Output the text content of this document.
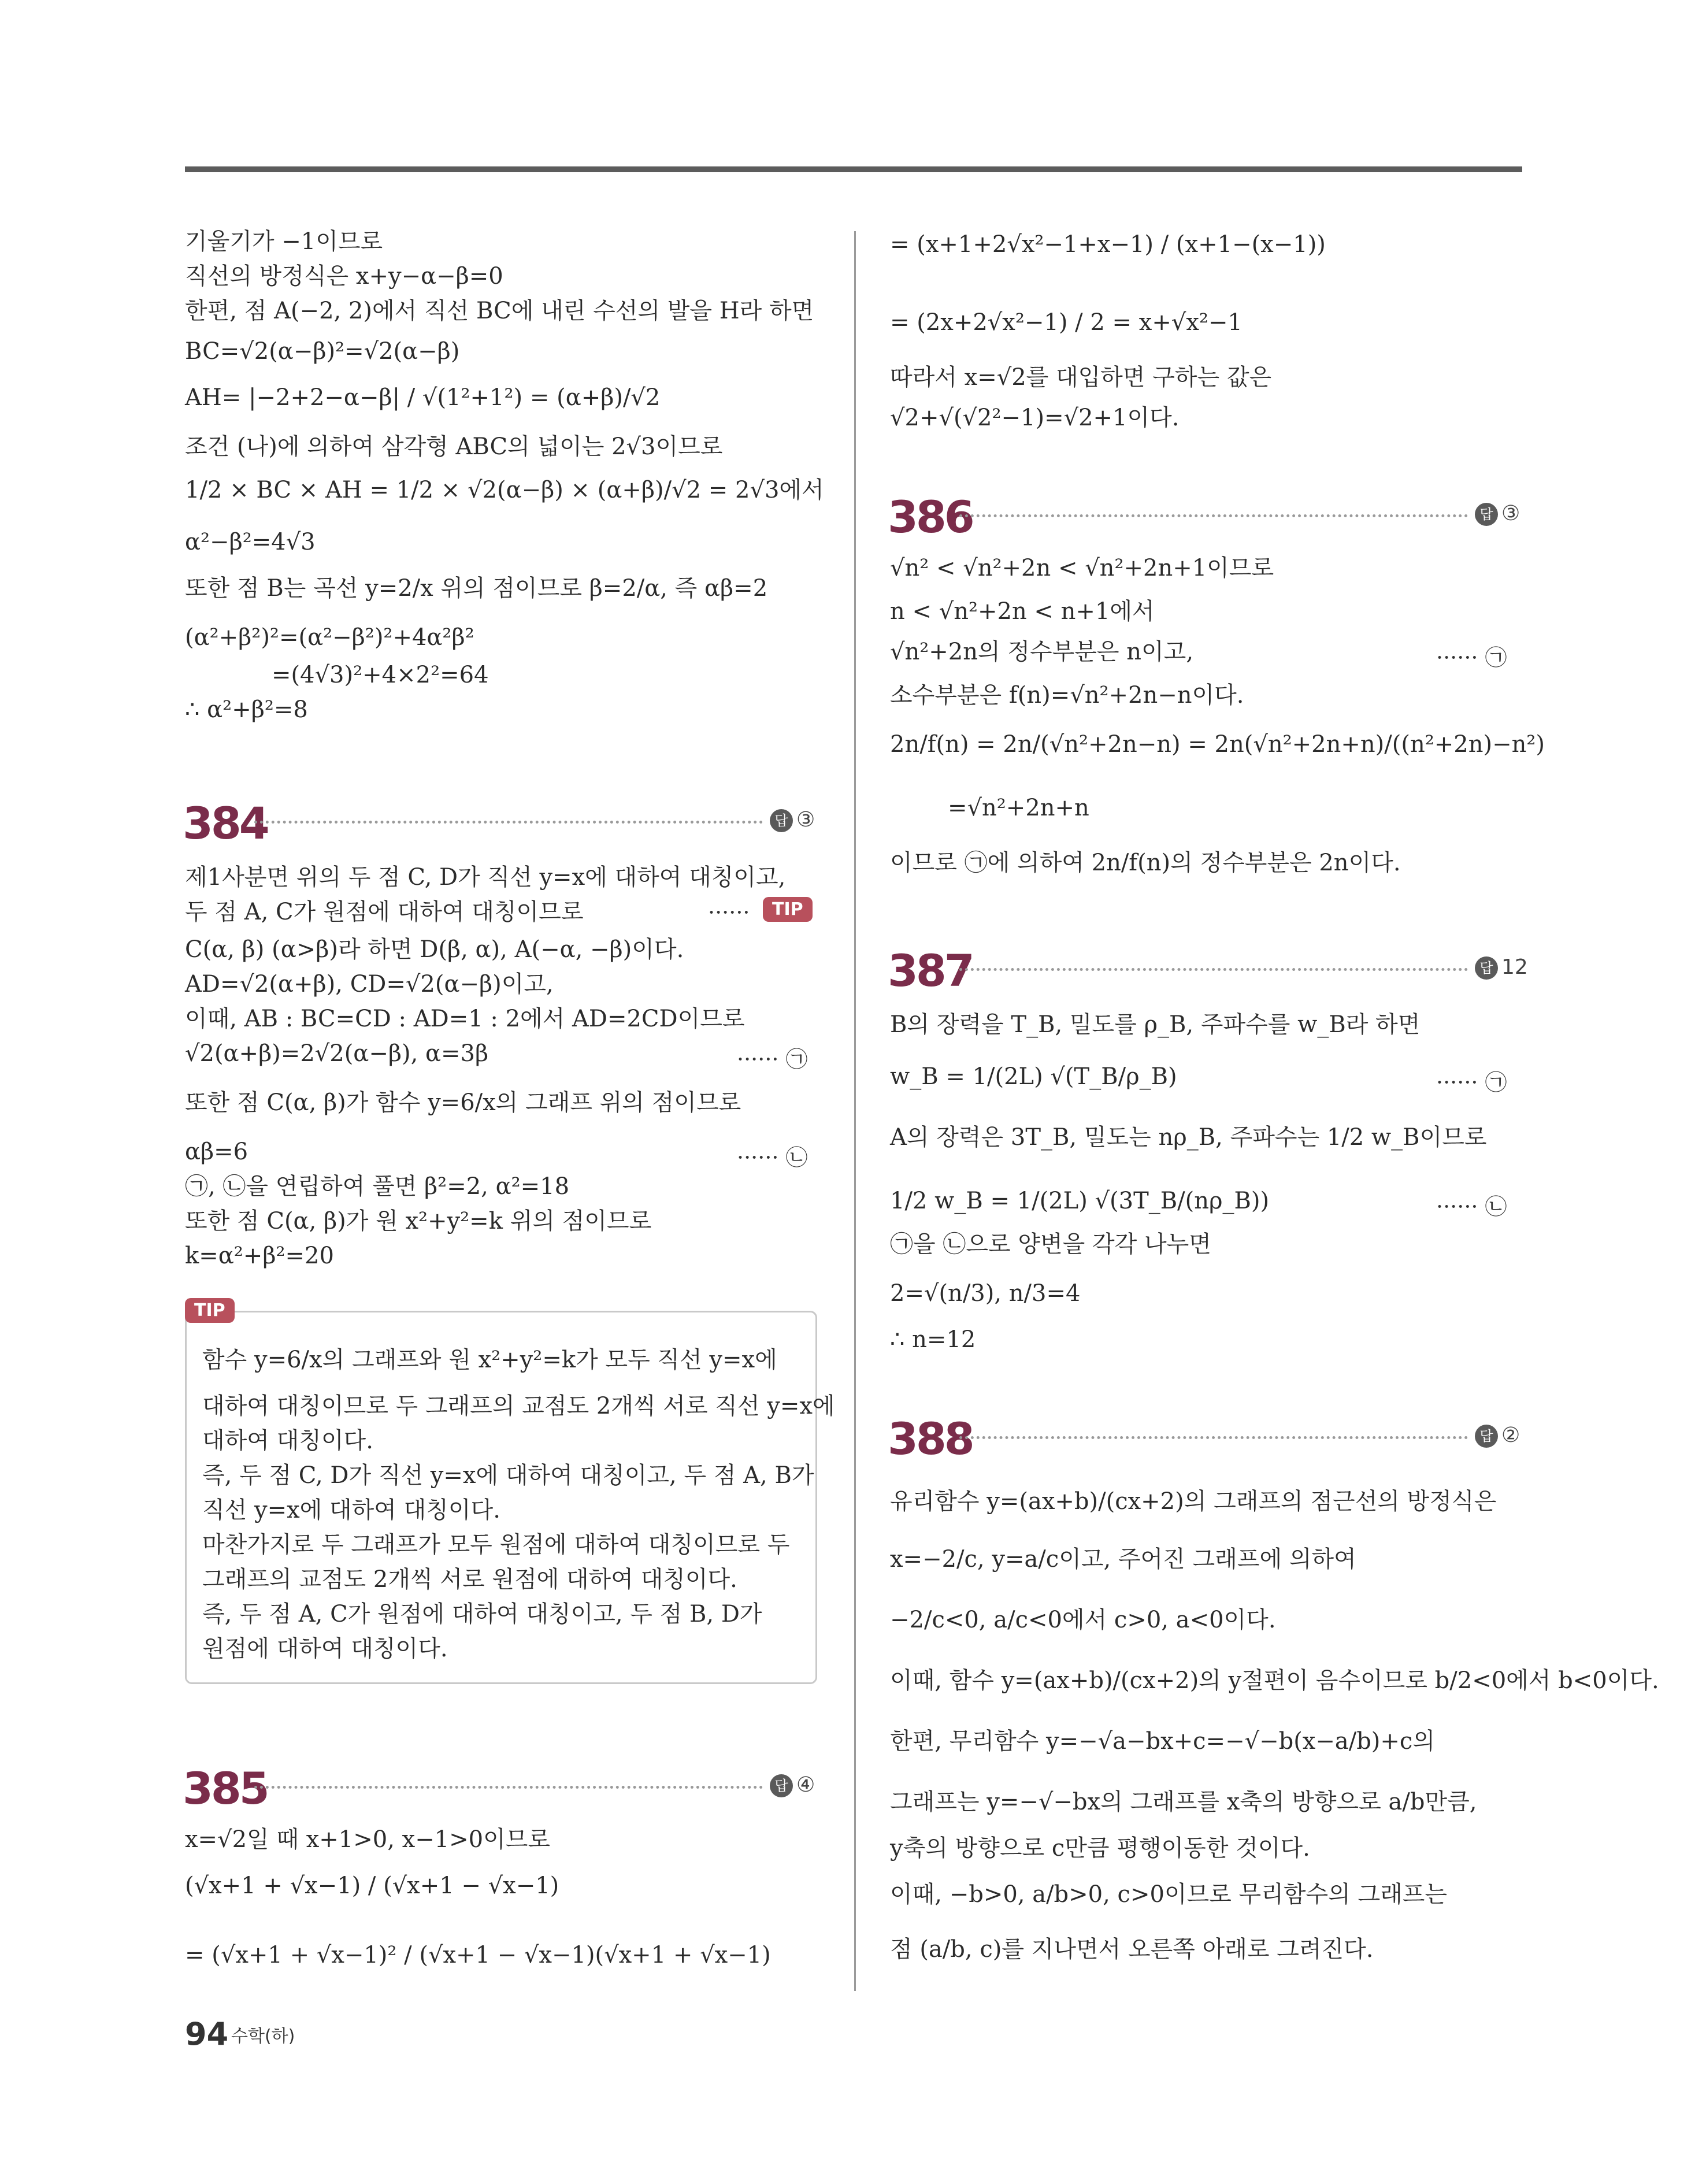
기울기가 −1이므로
직선의 방정식은 x+y−α−β=0
한편, 점 A(−2, 2)에서 직선 BC에 내린 수선의 발을 H라 하면
BC=√2(α−β)²=√2(α−β)
AH= |−2+2−α−β| / √(1²+1²) = (α+β)/√2
조건 (나)에 의하여 삼각형 ABC의 넓이는 2√3이므로
1/2 × BC × AH = 1/2 × √2(α−β) × (α+β)/√2 = 2√3에서
α²−β²=4√3
또한 점 B는 곡선 y=2/x 위의 점이므로 β=2/α, 즉 αβ=2
(α²+β²)²=(α²−β²)²+4α²β²
=(4√3)²+4×2²=64
∴ α²+β²=8
384	답 ③
제1사분면 위의 두 점 C, D가 직선 y=x에 대하여 대칭이고,
두 점 A, C가 원점에 대하여 대칭이므로	······	TIP
C(α, β) (α>β)라 하면 D(β, α), A(−α, −β)이다.
AD=√2(α+β), CD=√2(α−β)이고,
이때, AB : BC=CD : AD=1 : 2에서 AD=2CD이므로
√2(α+β)=2√2(α−β), α=3β	······ ㉠
또한 점 C(α, β)가 함수 y=6/x의 그래프 위의 점이므로
αβ=6	······ ㉡
㉠, ㉡을 연립하여 풀면 β²=2, α²=18
또한 점 C(α, β)가 원 x²+y²=k 위의 점이므로
k=α²+β²=20
TIP
함수 y=6/x의 그래프와 원 x²+y²=k가 모두 직선 y=x에
대하여 대칭이므로 두 그래프의 교점도 2개씩 서로 직선 y=x에
대하여 대칭이다.
즉, 두 점 C, D가 직선 y=x에 대하여 대칭이고, 두 점 A, B가
직선 y=x에 대하여 대칭이다.
마찬가지로 두 그래프가 모두 원점에 대하여 대칭이므로 두
그래프의 교점도 2개씩 서로 원점에 대하여 대칭이다.
즉, 두 점 A, C가 원점에 대하여 대칭이고, 두 점 B, D가
원점에 대하여 대칭이다.
385	답 ④
x=√2일 때 x+1>0, x−1>0이므로
(√x+1 + √x−1) / (√x+1 − √x−1)
= (√x+1 + √x−1)² / (√x+1 − √x−1)(√x+1 + √x−1)
= (x+1+2√x²−1+x−1) / (x+1−(x−1))
= (2x+2√x²−1) / 2 = x+√x²−1
따라서 x=√2를 대입하면 구하는 값은
√2+√(√2²−1)=√2+1이다.
386	답 ③
√n² < √n²+2n < √n²+2n+1이므로
n < √n²+2n < n+1에서
√n²+2n의 정수부분은 n이고,	······ ㉠
소수부분은 f(n)=√n²+2n−n이다.
2n/f(n) = 2n/(√n²+2n−n) = 2n(√n²+2n+n)/((n²+2n)−n²)
=√n²+2n+n
이므로 ㉠에 의하여 2n/f(n)의 정수부분은 2n이다.
387	답 12
B의 장력을 T_B, 밀도를 ρ_B, 주파수를 w_B라 하면
w_B = 1/(2L) √(T_B/ρ_B)	······ ㉠
A의 장력은 3T_B, 밀도는 nρ_B, 주파수는 1/2 w_B이므로
1/2 w_B = 1/(2L) √(3T_B/(nρ_B))	······ ㉡
㉠을 ㉡으로 양변을 각각 나누면
2=√(n/3), n/3=4
∴ n=12
388	답 ②
유리함수 y=(ax+b)/(cx+2)의 그래프의 점근선의 방정식은
x=−2/c, y=a/c이고, 주어진 그래프에 의하여
−2/c<0, a/c<0에서 c>0, a<0이다.
이때, 함수 y=(ax+b)/(cx+2)의 y절편이 음수이므로 b/2<0에서 b<0이다.
한편, 무리함수 y=−√a−bx+c=−√−b(x−a/b)+c의
그래프는 y=−√−bx의 그래프를 x축의 방향으로 a/b만큼,
y축의 방향으로 c만큼 평행이동한 것이다.
이때, −b>0, a/b>0, c>0이므로 무리함수의 그래프는
점 (a/b, c)를 지나면서 오른쪽 아래로 그려진다.
94 수학(하)
